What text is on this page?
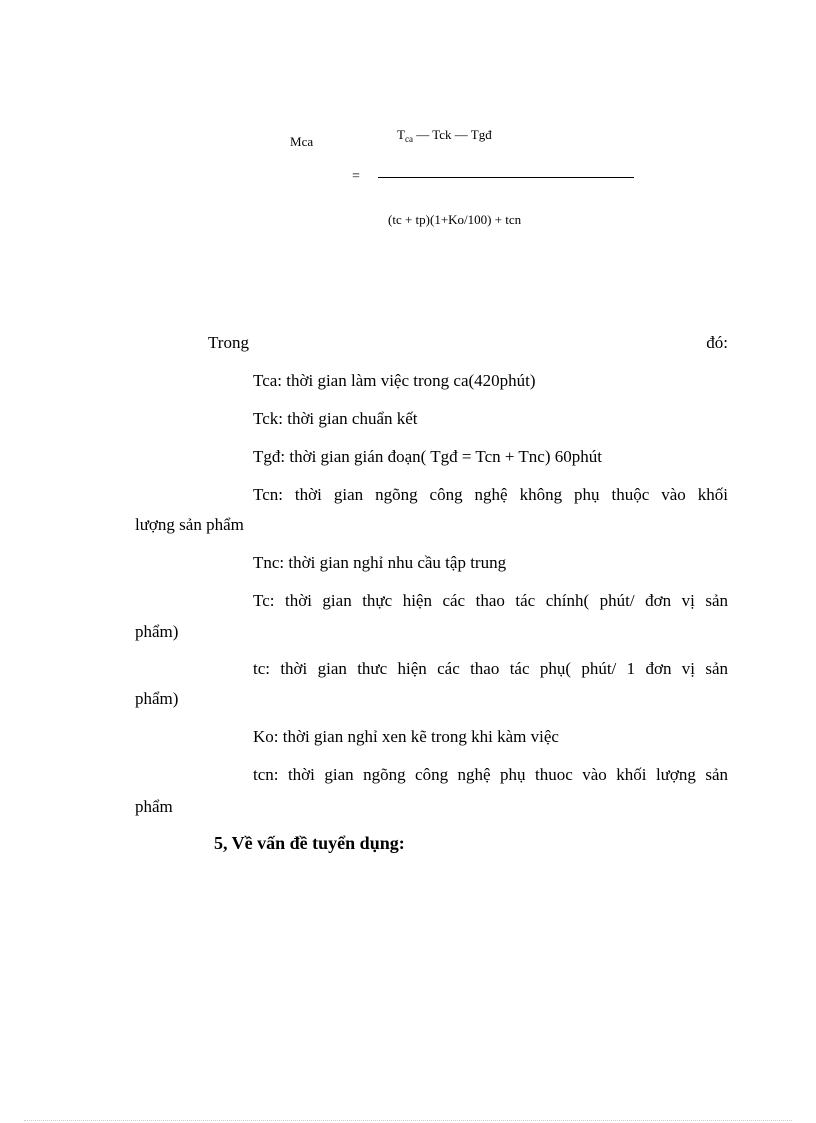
Mca	$T_{ca}$ — Tck — Tgđ
=
(tc + tp)(1+Ko/100) + tcn
Trong	đó:
Tca: thời gian làm việc trong ca(420phút)
Tck: thời gian chuẩn kết
Tgđ: thời gian gián đoạn( Tgđ = Tcn + Tnc) 60phút
Tcn: thời gian ngõng công nghệ không phụ thuộc vào khối
lượng sản phẩm
Tnc: thời gian nghỉ nhu cầu tập trung
Tc: thời gian thực hiện các thao tác chính( phút/ đơn vị sản
phẩm)
tc: thời gian thưc hiện các thao tác phụ( phút/ 1 đơn vị sản
phẩm)
Ko: thời gian nghỉ xen kẽ trong khi kàm việc
tcn: thời gian ngõng công nghệ phụ thuoc vào khối lượng sản
phẩm
5, Về vấn đề tuyển dụng:
